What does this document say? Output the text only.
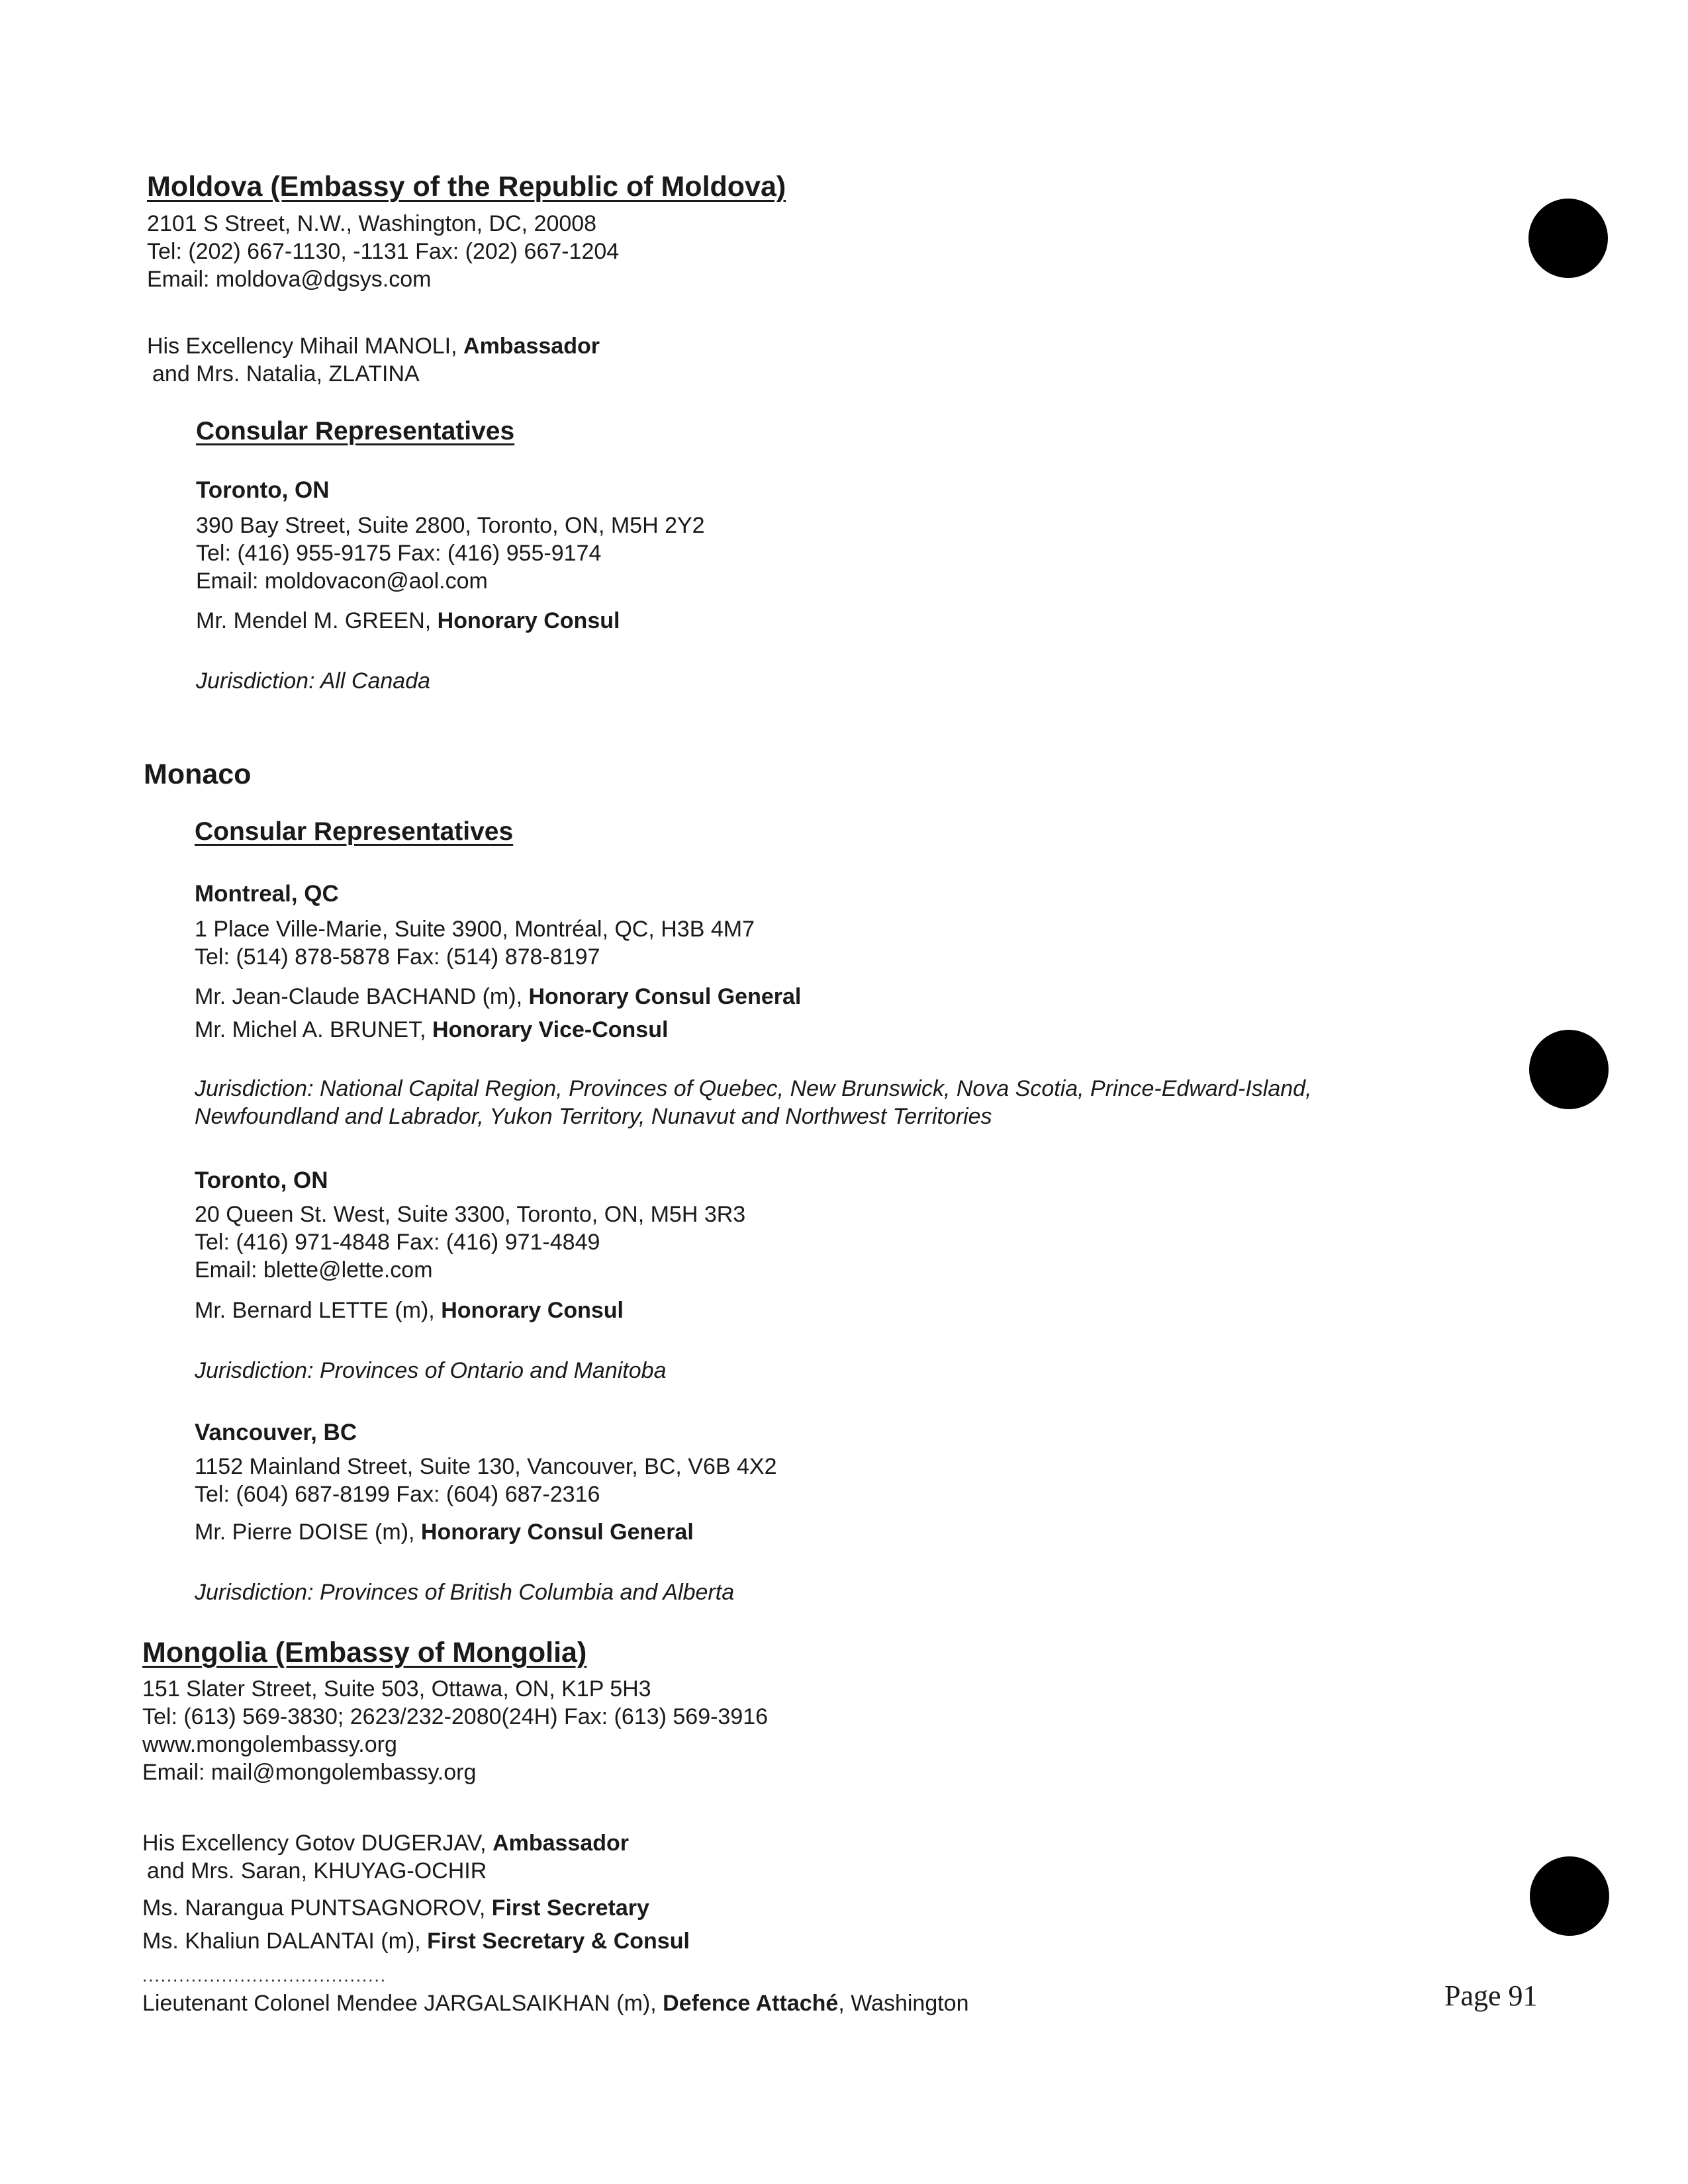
Moldova (Embassy of the Republic of Moldova)
2101 S Street, N.W., Washington, DC, 20008
Tel: (202) 667-1130, -1131 Fax: (202) 667-1204
Email: moldova@dgsys.com
His Excellency Mihail MANOLI, Ambassador
and Mrs. Natalia, ZLATINA
Consular Representatives
Toronto, ON
390 Bay Street, Suite 2800, Toronto, ON, M5H 2Y2
Tel: (416) 955-9175 Fax: (416) 955-9174
Email: moldovacon@aol.com
Mr. Mendel M. GREEN, Honorary Consul
Jurisdiction: All Canada
Monaco
Consular Representatives
Montreal, QC
1 Place Ville-Marie, Suite 3900, Montréal, QC, H3B 4M7
Tel: (514) 878-5878 Fax: (514) 878-8197
Mr. Jean-Claude BACHAND (m), Honorary Consul General
Mr. Michel A. BRUNET, Honorary Vice-Consul
Jurisdiction: National Capital Region, Provinces of Quebec, New Brunswick, Nova Scotia, Prince-Edward-Island,
Newfoundland and Labrador, Yukon Territory, Nunavut and Northwest Territories
Toronto, ON
20 Queen St. West, Suite 3300, Toronto, ON, M5H 3R3
Tel: (416) 971-4848 Fax: (416) 971-4849
Email: blette@lette.com
Mr. Bernard LETTE (m), Honorary Consul
Jurisdiction: Provinces of Ontario and Manitoba
Vancouver, BC
1152 Mainland Street, Suite 130, Vancouver, BC, V6B 4X2
Tel: (604) 687-8199 Fax: (604) 687-2316
Mr. Pierre DOISE (m), Honorary Consul General
Jurisdiction: Provinces of British Columbia and Alberta
Mongolia (Embassy of Mongolia)
151 Slater Street, Suite 503, Ottawa, ON, K1P 5H3
Tel: (613) 569-3830; 2623/232-2080(24H) Fax: (613) 569-3916
www.mongolembassy.org
Email: mail@mongolembassy.org
His Excellency Gotov DUGERJAV, Ambassador
and Mrs. Saran, KHUYAG-OCHIR
Ms. Narangua PUNTSAGNOROV, First Secretary
Ms. Khaliun DALANTAI (m), First Secretary & Consul
........................................
Lieutenant Colonel Mendee JARGALSAIKHAN (m), Defence Attaché, Washington	Page 91
